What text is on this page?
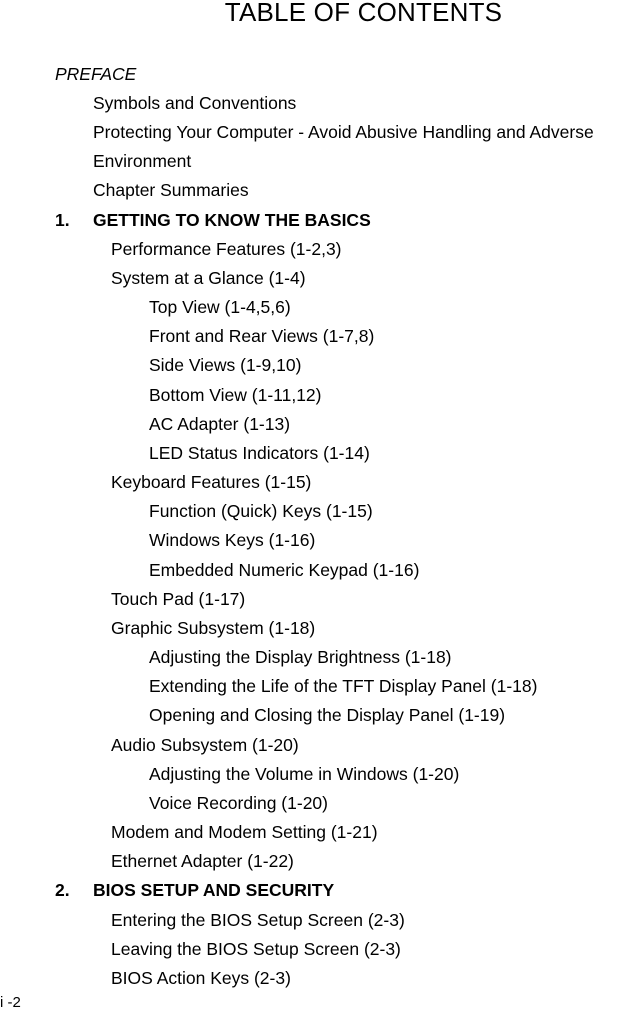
TABLE OF CONTENTS
PREFACE
Symbols and Conventions
Protecting Your Computer - Avoid Abusive Handling and Adverse
Environment
Chapter Summaries
1. GETTING TO KNOW THE BASICS
Performance Features (1-2,3)
System at a Glance (1-4)
Top View (1-4,5,6)
Front and Rear Views (1-7,8)
Side Views (1-9,10)
Bottom View (1-11,12)
AC Adapter (1-13)
LED Status Indicators (1-14)
Keyboard Features (1-15)
Function (Quick) Keys (1-15)
Windows Keys (1-16)
Embedded Numeric Keypad (1-16)
Touch Pad (1-17)
Graphic Subsystem (1-18)
Adjusting the Display Brightness (1-18)
Extending the Life of the TFT Display Panel (1-18)
Opening and Closing the Display Panel (1-19)
Audio Subsystem (1-20)
Adjusting the Volume in Windows (1-20)
Voice Recording (1-20)
Modem and Modem Setting (1-21)
Ethernet Adapter (1-22)
2. BIOS SETUP AND SECURITY
Entering the BIOS Setup Screen (2-3)
Leaving the BIOS Setup Screen (2-3)
BIOS Action Keys (2-3)
i -2
